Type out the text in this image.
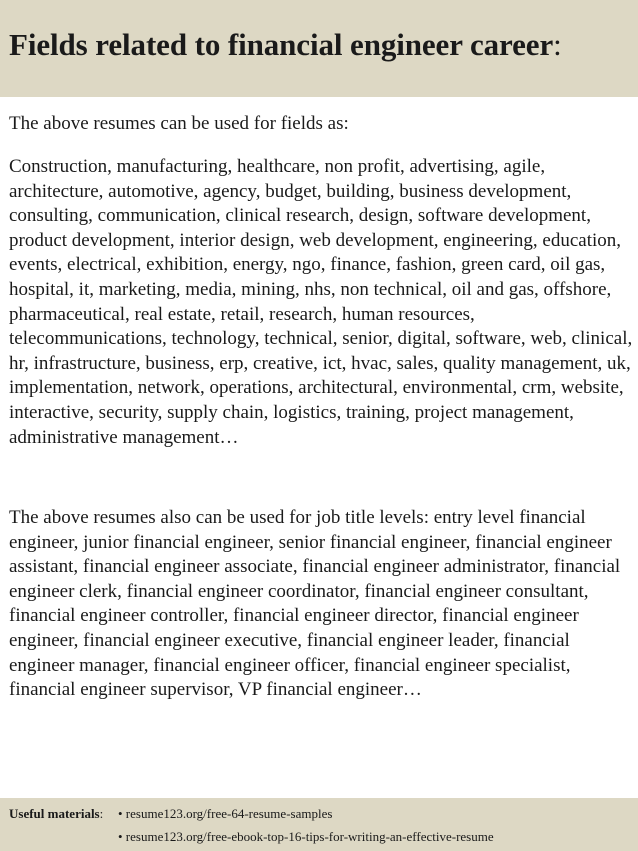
Fields related to financial engineer career:

The above resumes can be used for fields as:

Construction, manufacturing, healthcare, non profit, advertising, agile, architecture, automotive, agency, budget, building, business development, consulting, communication, clinical research, design, software development, product development, interior design, web development, engineering, education, events, electrical, exhibition, energy, ngo, finance, fashion, green card, oil gas, hospital, it, marketing, media, mining, nhs, non technical, oil and gas, offshore, pharmaceutical, real estate, retail, research, human resources, telecommunications, technology, technical, senior, digital, software, web, clinical, hr, infrastructure, business, erp, creative, ict, hvac, sales, quality management, uk, implementation, network, operations, architectural, environmental, crm, website, interactive, security, supply chain, logistics, training, project management, administrative management…

The above resumes also can be used for job title levels: entry level financial engineer, junior financial engineer, senior financial engineer, financial engineer assistant, financial engineer associate, financial engineer administrator, financial engineer clerk, financial engineer coordinator, financial engineer consultant, financial engineer controller, financial engineer director, financial engineer engineer, financial engineer executive, financial engineer leader, financial engineer manager, financial engineer officer, financial engineer specialist, financial engineer supervisor, VP financial engineer…

Useful materials: • resume123.org/free-64-resume-samples
• resume123.org/free-ebook-top-16-tips-for-writing-an-effective-resume
